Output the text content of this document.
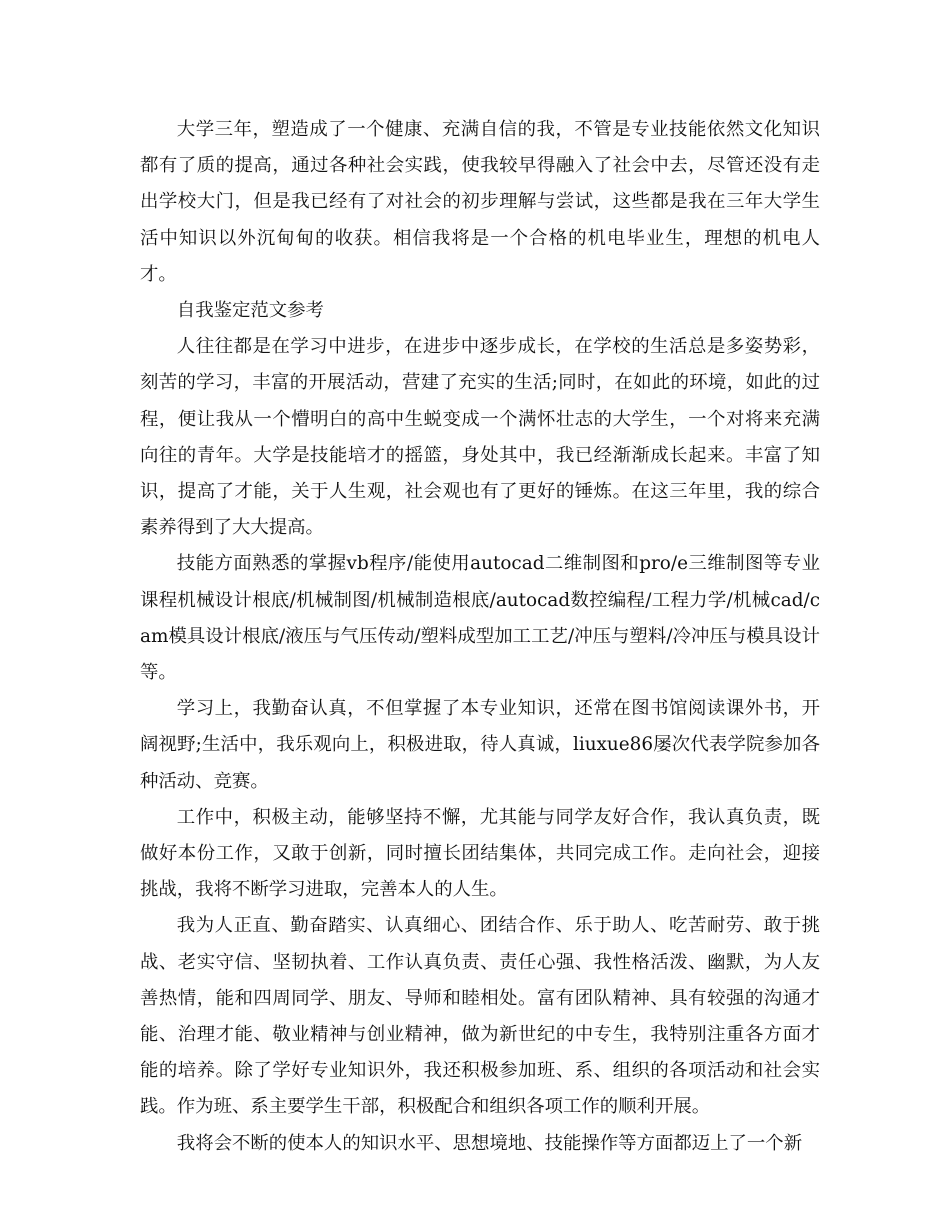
大学三年，塑造成了一个健康、充满自信的我，不管是专业技能依然文化知识都有了质的提高，通过各种社会实践，使我较早得融入了社会中去，尽管还没有走出学校大门，但是我已经有了对社会的初步理解与尝试，这些都是我在三年大学生活中知识以外沉甸甸的收获。相信我将是一个合格的机电毕业生，理想的机电人才。

自我鉴定范文参考

人往往都是在学习中进步，在进步中逐步成长，在学校的生活总是多姿势彩，刻苦的学习，丰富的开展活动，营建了充实的生活;同时，在如此的环境，如此的过程，便让我从一个懵明白的高中生蜕变成一个满怀壮志的大学生，一个对将来充满向往的青年。大学是技能培才的摇篮，身处其中，我已经渐渐成长起来。丰富了知识，提高了才能，关于人生观，社会观也有了更好的锤炼。在这三年里，我的综合素养得到了大大提高。

技能方面熟悉的掌握vb程序/能使用autocad二维制图和pro/e三维制图等专业课程机械设计根底/机械制图/机械制造根底/autocad数控编程/工程力学/机械cad/cam模具设计根底/液压与气压传动/塑料成型加工工艺/冲压与塑料/冷冲压与模具设计等。

学习上，我勤奋认真，不但掌握了本专业知识，还常在图书馆阅读课外书，开阔视野;生活中，我乐观向上，积极进取，待人真诚，liuxue86屡次代表学院参加各种活动、竞赛。

工作中，积极主动，能够坚持不懈，尤其能与同学友好合作，我认真负责，既做好本份工作，又敢于创新，同时擅长团结集体，共同完成工作。走向社会，迎接挑战，我将不断学习进取，完善本人的人生。

我为人正直、勤奋踏实、认真细心、团结合作、乐于助人、吃苦耐劳、敢于挑战、老实守信、坚韧执着、工作认真负责、责任心强、我性格活泼、幽默，为人友善热情，能和四周同学、朋友、导师和睦相处。富有团队精神、具有较强的沟通才能、治理才能、敬业精神与创业精神，做为新世纪的中专生，我特别注重各方面才能的培养。除了学好专业知识外，我还积极参加班、系、组织的各项活动和社会实践。作为班、系主要学生干部，积极配合和组织各项工作的顺利开展。

我将会不断的使本人的知识水平、思想境地、技能操作等方面都迈上了一个新
